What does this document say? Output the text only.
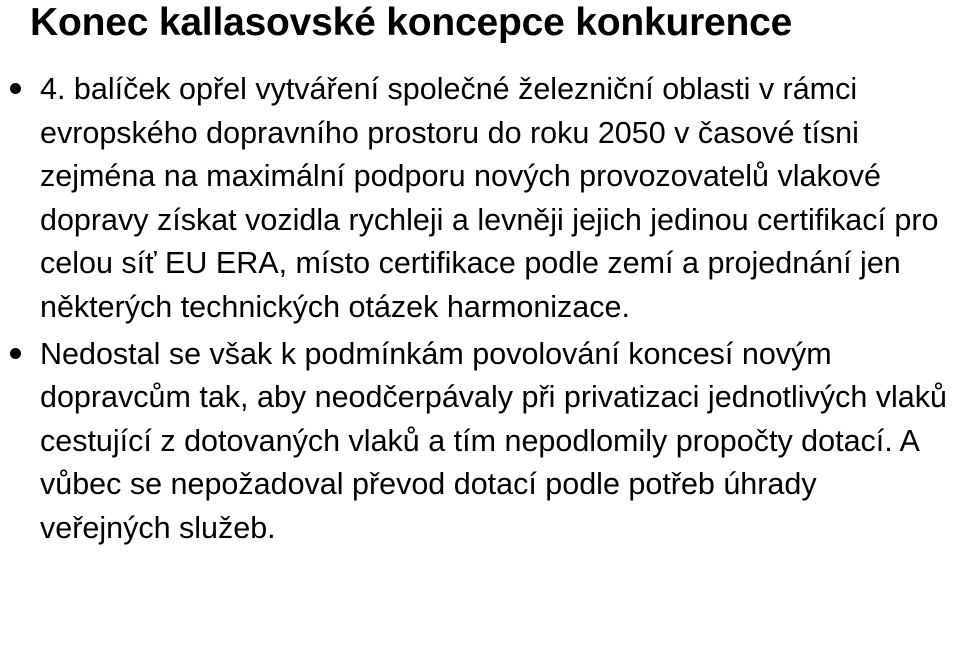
Konec kallasovské koncepce konkurence
4. balíček opřel vytváření společné železniční oblasti v rámci evropského dopravního prostoru do roku 2050 v časové tísni zejména na maximální podporu nových provozovatelů vlakové dopravy získat vozidla rychleji a levněji jejich jedinou certifikací pro celou síť EU ERA, místo certifikace podle zemí a projednání jen některých technických otázek harmonizace.
Nedostal se však k podmínkám povolování koncesí novým dopravcům tak, aby neodčerpávaly při privatizaci jednotlivých vlaků cestující z dotovaných vlaků a tím nepodlomily propočty dotací. A vůbec se nepožadoval převod dotací podle potřeb úhrady veřejných služeb.
